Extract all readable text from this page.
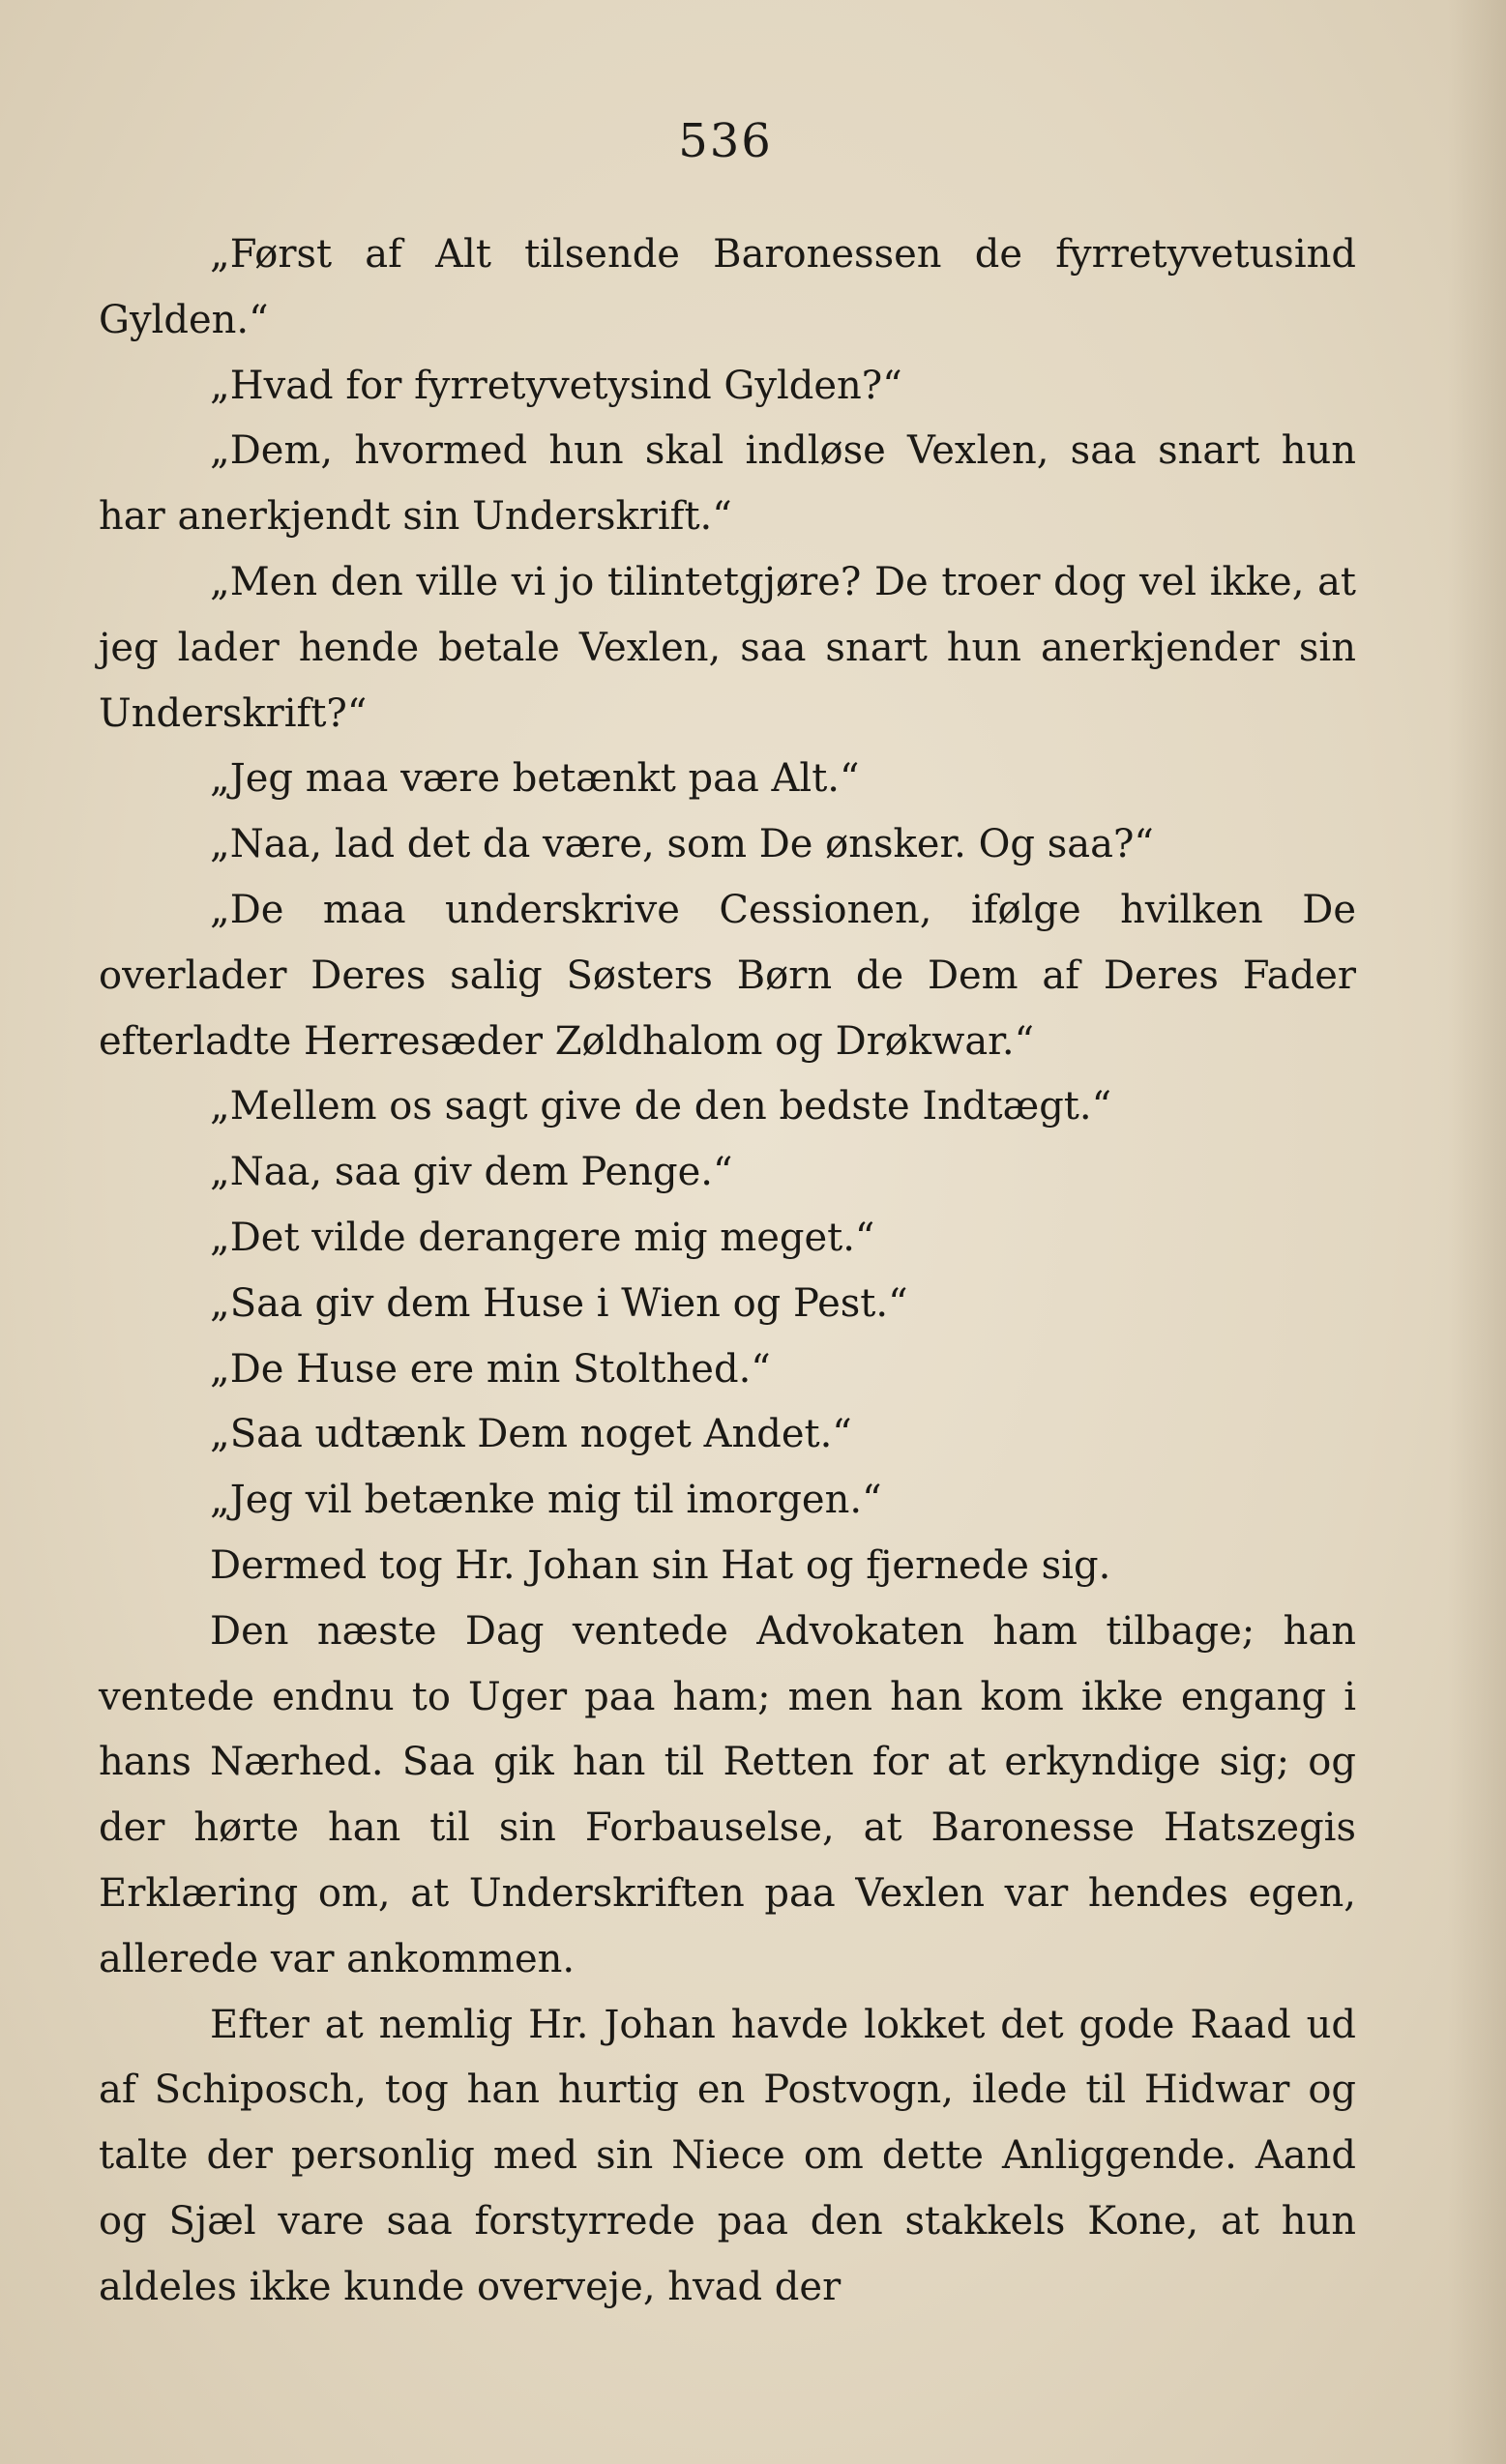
536

„Først af Alt tilsende Baronessen de fyrretyvetusind Gylden.“

„Hvad for fyrretyvetysind Gylden?“

„Dem, hvormed hun skal indløse Vexlen, saa snart hun har anerkjendt sin Underskrift.“

„Men den ville vi jo tilintetgjøre? De troer dog vel ikke, at jeg lader hende betale Vexlen, saa snart hun anerkjender sin Underskrift?“

„Jeg maa være betænkt paa Alt.“

„Naa, lad det da være, som De ønsker. Og saa?“

„De maa underskrive Cessionen, ifølge hvilken De overlader Deres salig Søsters Børn de Dem af Deres Fader efterladte Herresæder Zøldhalom og Drøkwar.“

„Mellem os sagt give de den bedste Indtægt.“

„Naa, saa giv dem Penge.“

„Det vilde derangere mig meget.“

„Saa giv dem Huse i Wien og Pest.“

„De Huse ere min Stolthed.“

„Saa udtænk Dem noget Andet.“

„Jeg vil betænke mig til imorgen.“

Dermed tog Hr. Johan sin Hat og fjernede sig.

Den næste Dag ventede Advokaten ham tilbage; han ventede endnu to Uger paa ham; men han kom ikke engang i hans Nærhed. Saa gik han til Retten for at erkyndige sig; og der hørte han til sin Forbauselse, at Baronesse Hatszegis Erklæring om, at Underskriften paa Vexlen var hendes egen, allerede var ankommen.

Efter at nemlig Hr. Johan havde lokket det gode Raad ud af Schiposch, tog han hurtig en Postvogn, ilede til Hidwar og talte der personlig med sin Niece om dette Anliggende. Aand og Sjæl vare saa forstyrrede paa den stakkels Kone, at hun aldeles ikke kunde overveje, hvad der
